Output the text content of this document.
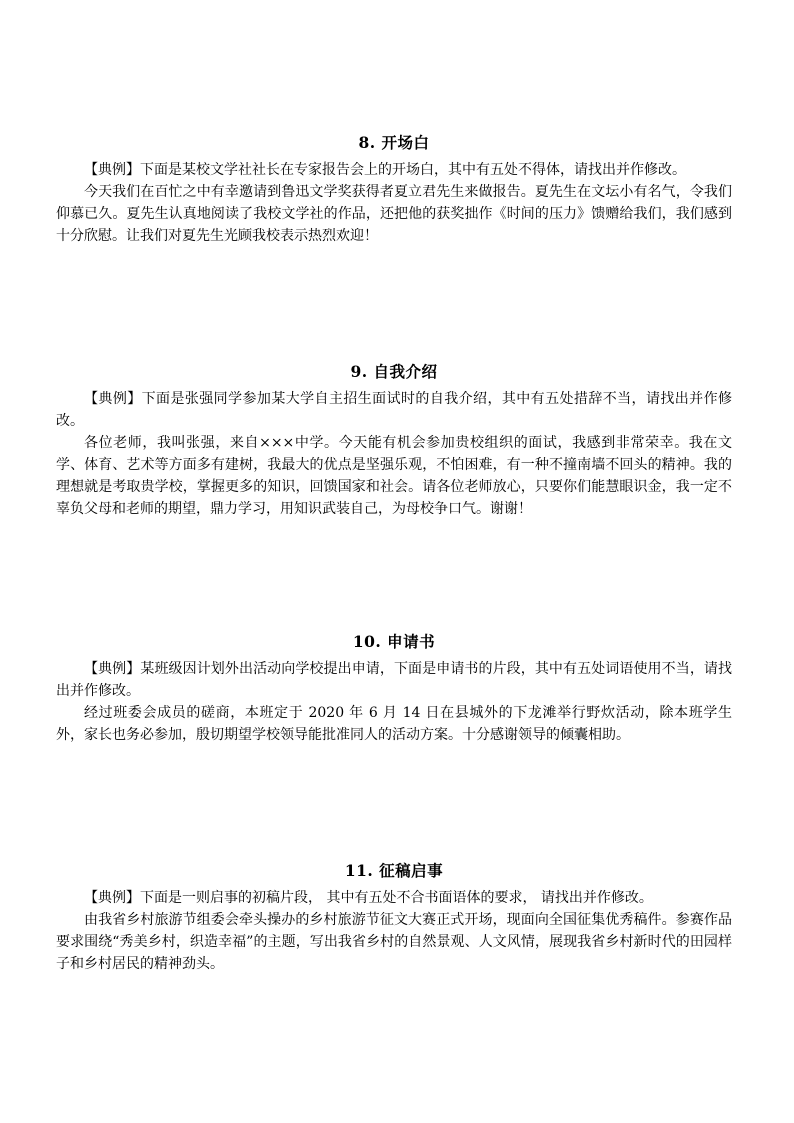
8. 开场白

【典例】下面是某校文学社社长在专家报告会上的开场白，其中有五处不得体，请找出并作修改。

今天我们在百忙之中有幸邀请到鲁迅文学奖获得者夏立君先生来做报告。夏先生在文坛小有名气，令我们仰慕已久。夏先生认真地阅读了我校文学社的作品，还把他的获奖拙作《时间的压力》馈赠给我们，我们感到十分欣慰。让我们对夏先生光顾我校表示热烈欢迎！

9. 自我介绍

【典例】下面是张强同学参加某大学自主招生面试时的自我介绍，其中有五处措辞不当，请找出并作修改。

各位老师，我叫张强，来自×××中学。今天能有机会参加贵校组织的面试，我感到非常荣幸。我在文学、体育、艺术等方面多有建树，我最大的优点是坚强乐观，不怕困难，有一种不撞南墙不回头的精神。我的理想就是考取贵学校，掌握更多的知识，回馈国家和社会。请各位老师放心，只要你们能慧眼识金，我一定不辜负父母和老师的期望，鼎力学习，用知识武装自己，为母校争口气。谢谢！

10. 申请书

【典例】某班级因计划外出活动向学校提出申请，下面是申请书的片段，其中有五处词语使用不当，请找出并作修改。

经过班委会成员的磋商，本班定于 2020 年 6 月 14 日在县城外的下龙滩举行野炊活动，除本班学生外，家长也务必参加，殷切期望学校领导能批准同人的活动方案。十分感谢领导的倾囊相助。

11. 征稿启事

【典例】下面是一则启事的初稿片段， 其中有五处不合书面语体的要求， 请找出并作修改。

由我省乡村旅游节组委会牵头操办的乡村旅游节征文大赛正式开场，现面向全国征集优秀稿件。参赛作品要求围绕“秀美乡村，织造幸福”的主题，写出我省乡村的自然景观、人文风情，展现我省乡村新时代的田园样子和乡村居民的精神劲头。
